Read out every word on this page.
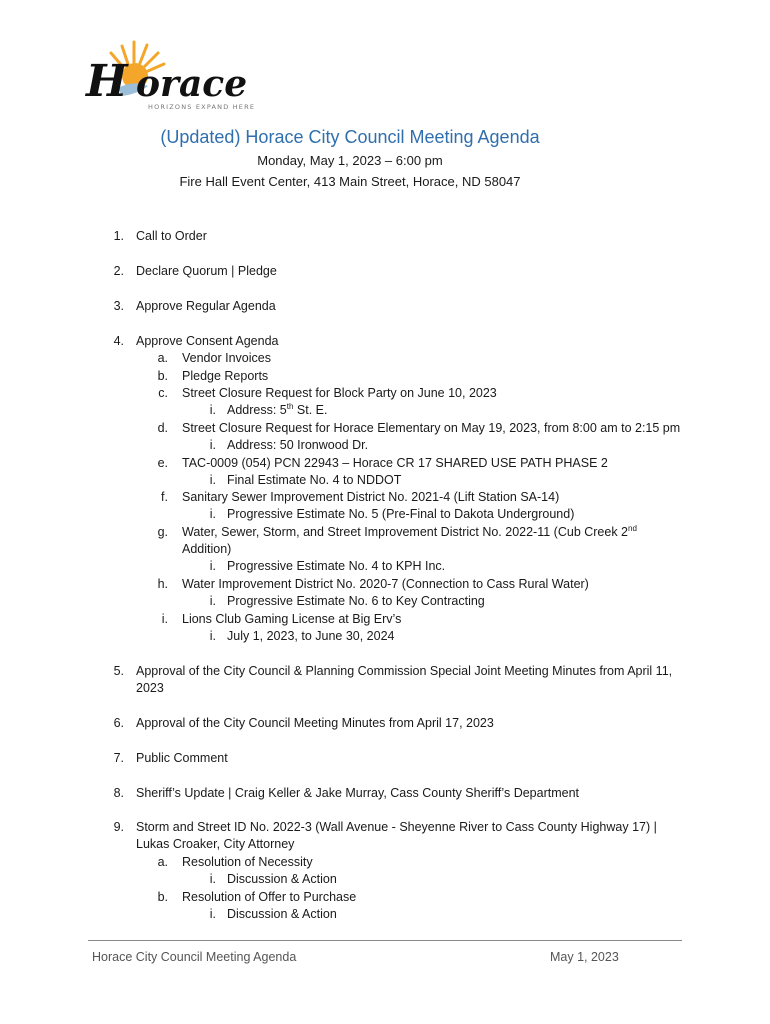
H orace
HORIZONS EXPAND HERE
(Updated) Horace City Council Meeting Agenda
Monday, May 1, 2023 – 6:00 pm
Fire Hall Event Center, 413 Main Street, Horace, ND 58047
1. Call to Order
2. Declare Quorum | Pledge
3. Approve Regular Agenda
4. Approve Consent Agenda
a. Vendor Invoices
b. Pledge Reports
c. Street Closure Request for Block Party on June 10, 2023
i. Address: 5th St. E.
d. Street Closure Request for Horace Elementary on May 19, 2023, from 8:00 am to 2:15 pm
i. Address: 50 Ironwood Dr.
e. TAC-0009 (054) PCN 22943 – Horace CR 17 SHARED USE PATH PHASE 2
i. Final Estimate No. 4 to NDDOT
f. Sanitary Sewer Improvement District No. 2021-4 (Lift Station SA-14)
i. Progressive Estimate No. 5 (Pre-Final to Dakota Underground)
g. Water, Sewer, Storm, and Street Improvement District No. 2022-11 (Cub Creek 2nd
Addition)
i. Progressive Estimate No. 4 to KPH Inc.
h. Water Improvement District No. 2020-7 (Connection to Cass Rural Water)
i. Progressive Estimate No. 6 to Key Contracting
i. Lions Club Gaming License at Big Erv’s
i. July 1, 2023, to June 30, 2024
5. Approval of the City Council & Planning Commission Special Joint Meeting Minutes from April 11,
2023
6. Approval of the City Council Meeting Minutes from April 17, 2023
7. Public Comment
8. Sheriff’s Update | Craig Keller & Jake Murray, Cass County Sheriff’s Department
9. Storm and Street ID No. 2022-3 (Wall Avenue - Sheyenne River to Cass County Highway 17) |
Lukas Croaker, City Attorney
a. Resolution of Necessity
i. Discussion & Action
b. Resolution of Offer to Purchase
i. Discussion & Action
Horace City Council Meeting Agenda	May 1, 2023
